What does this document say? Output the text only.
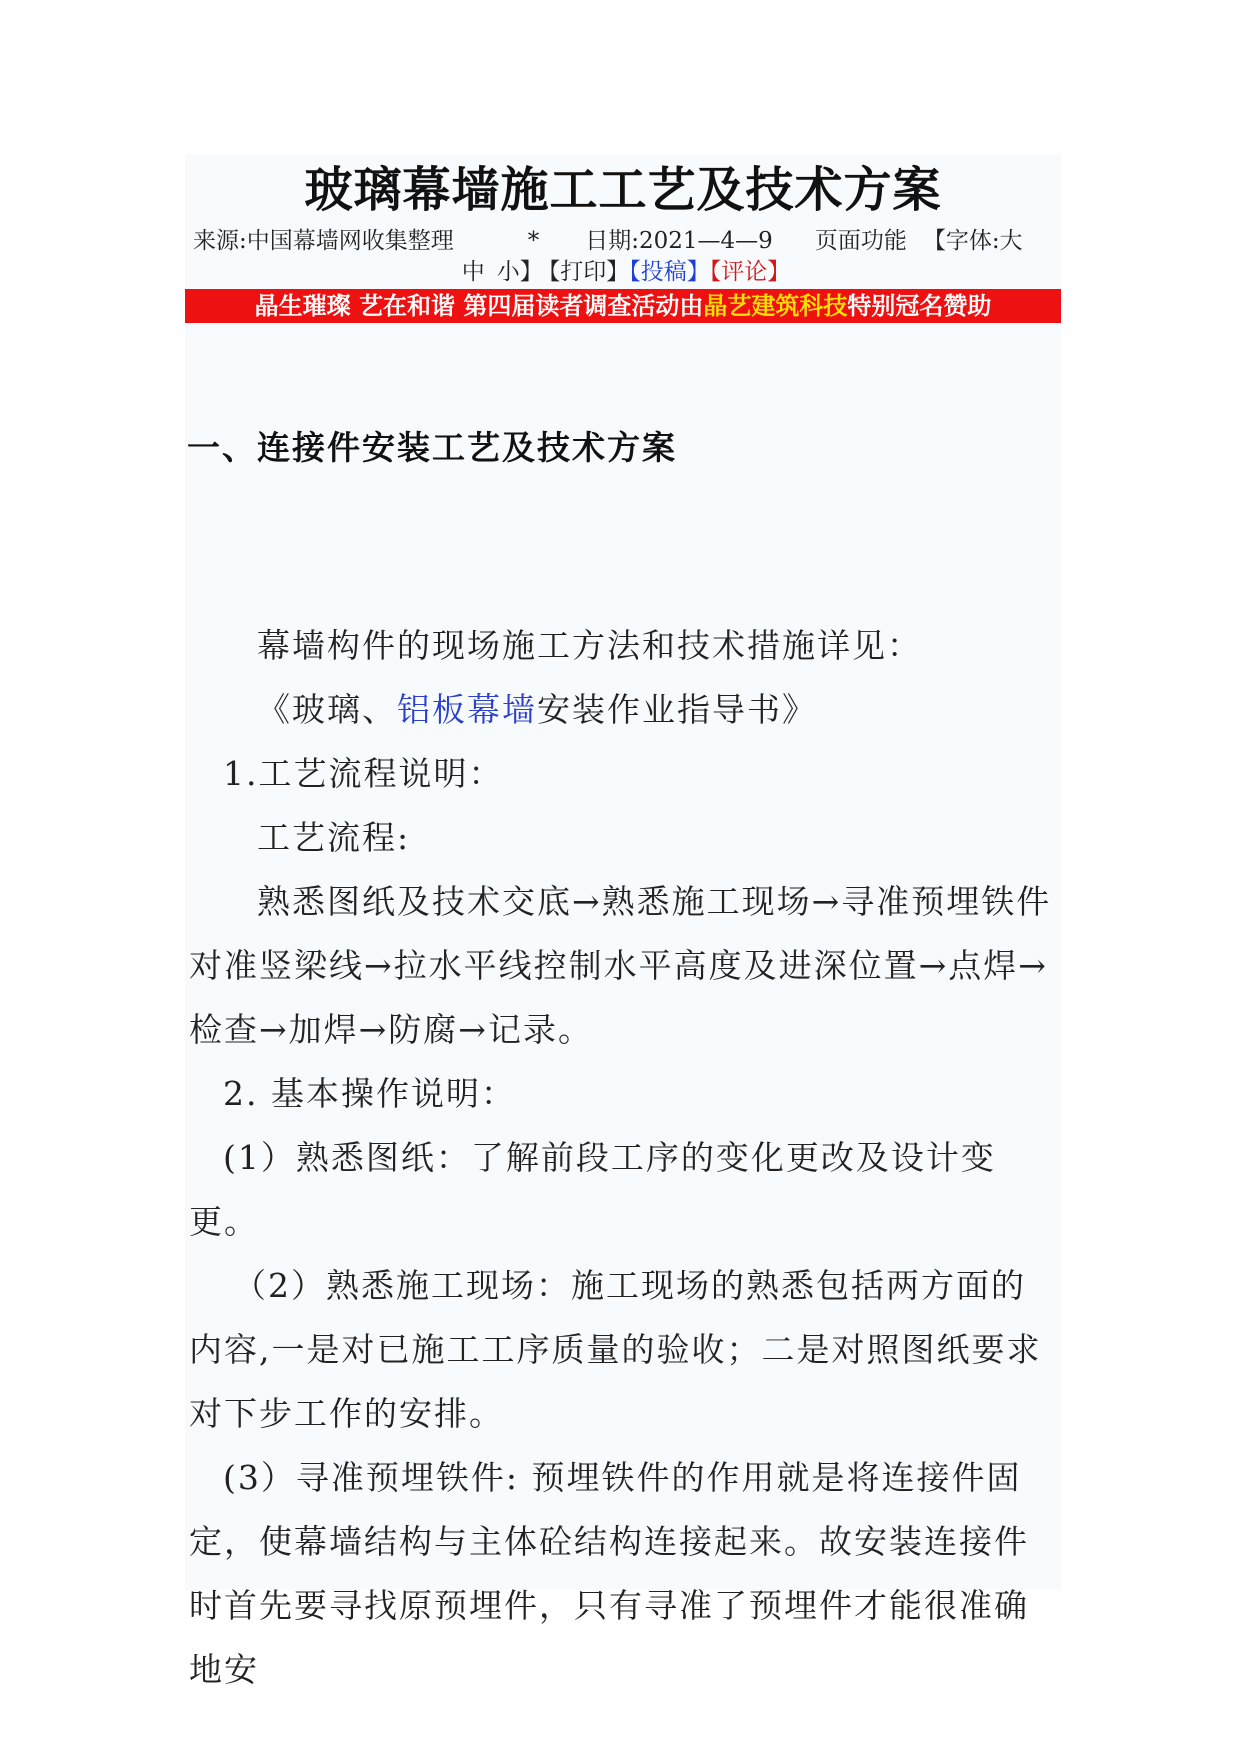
玻璃幕墙施工工艺及技术方案
来源:中国幕墙网收集整理	* 日期:2021—4—9 页面功能 【字体:大
中 小】 【打印】【投稿】【评论】
晶生璀璨 艺在和谐 第四届读者调查活动由晶艺建筑科技特别冠名赞助
一、连接件安装工艺及技术方案

幕墙构件的现场施工方法和技术措施详见：

《玻璃、铝板幕墙安装作业指导书》

1.工艺流程说明：

工艺流程:

熟悉图纸及技术交底→熟悉施工现场→寻准预埋铁件对准竖梁线→拉水平线控制水平高度及进深位置→点焊→检查→加焊→防腐→记录。

2. 基本操作说明：

(1）熟悉图纸：了解前段工序的变化更改及设计变更。

（2）熟悉施工现场：施工现场的熟悉包括两方面的内容,一是对已施工工序质量的验收；二是对照图纸要求对下步工作的安排。

(3）寻准预埋铁件: 预埋铁件的作用就是将连接件固定，使幕墙结构与主体砼结构连接起来。故安装连接件时首先要寻找原预埋件，只有寻准了预埋件才能很准确地安
